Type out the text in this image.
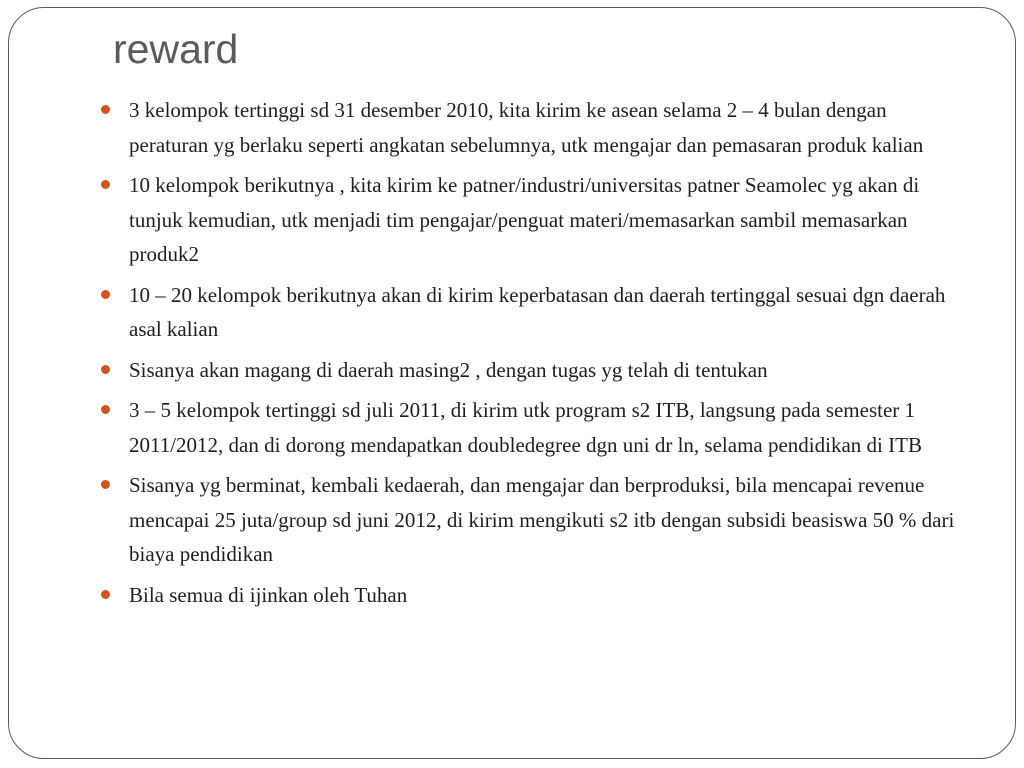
reward
3 kelompok tertinggi sd 31 desember 2010, kita kirim ke asean selama 2 – 4 bulan dengan peraturan yg berlaku seperti angkatan sebelumnya, utk mengajar dan pemasaran produk kalian
10 kelompok berikutnya , kita kirim ke patner/industri/universitas patner Seamolec yg akan di tunjuk kemudian, utk menjadi tim pengajar/penguat materi/memasarkan sambil memasarkan produk2
10 – 20 kelompok berikutnya akan di kirim keperbatasan dan daerah tertinggal sesuai dgn daerah asal kalian
Sisanya akan magang di daerah masing2 , dengan tugas yg telah di tentukan
3 – 5 kelompok tertinggi sd juli 2011, di kirim utk program s2 ITB, langsung pada semester 1 2011/2012, dan di dorong mendapatkan doubledegree dgn uni dr ln, selama pendidikan di ITB
Sisanya yg berminat, kembali kedaerah, dan mengajar dan berproduksi, bila mencapai revenue mencapai 25 juta/group sd juni 2012, di kirim mengikuti s2 itb dengan subsidi beasiswa 50 % dari biaya pendidikan
Bila semua di ijinkan oleh Tuhan
